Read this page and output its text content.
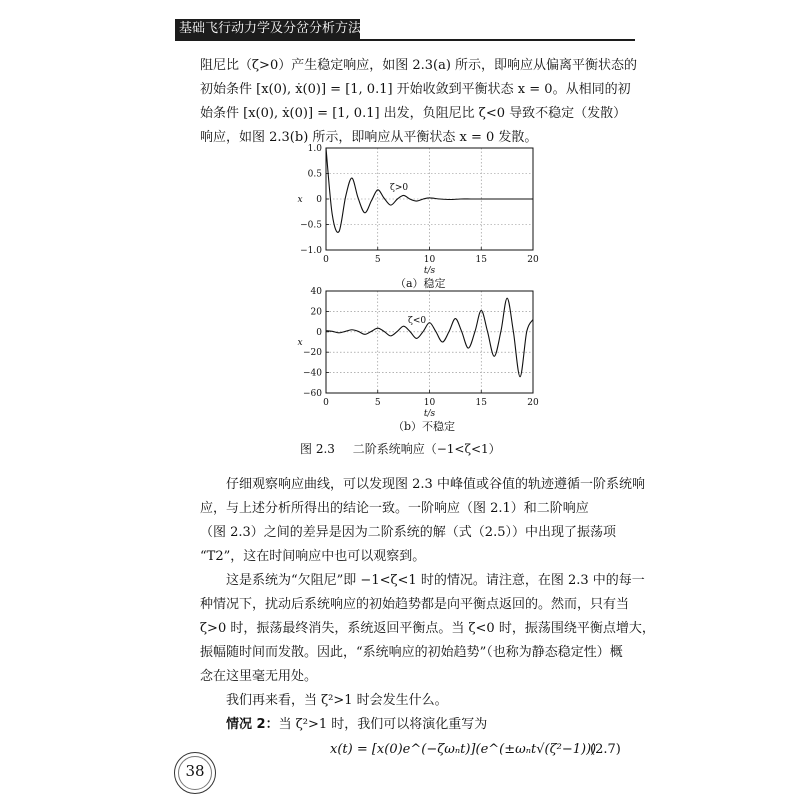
基础飞行动力学及分岔分析方法
阻尼比（ζ>0）产生稳定响应，如图 2.3(a) 所示，即响应从偏离平衡状态的
初始条件 [x(0), ẋ(0)] = [1, 0.1] 开始收敛到平衡状态 x = 0。从相同的初
始条件 [x(0), ẋ(0)] = [1, 0.1] 出发，负阻尼比 ζ<0 导致不稳定（发散）
响应，如图 2.3(b) 所示，即响应从平衡状态 x = 0 发散。
0	5	10	15	20
1.0
0.5
0
−0.5
−1.0
t/s
x
ζ>0
（a）稳定
0	5	10	15	20
40
20
0
−20
−40
−60
t/s
x
ζ<0
（b）不稳定
图 2.3 二阶系统响应（−1<ζ<1）
仔细观察响应曲线，可以发现图 2.3 中峰值或谷值的轨迹遵循一阶系统响
应，与上述分析所得出的结论一致。一阶响应（图 2.1）和二阶响应
（图 2.3）之间的差异是因为二阶系统的解（式（2.5））中出现了振荡项
“T2”，这在时间响应中也可以观察到。
这是系统为“欠阻尼”即 −1<ζ<1 时的情况。请注意，在图 2.3 中的每一
种情况下，扰动后系统响应的初始趋势都是向平衡点返回的。然而，只有当
ζ>0 时，振荡最终消失，系统返回平衡点。当 ζ<0 时，振荡围绕平衡点增大，
振幅随时间而发散。因此，“系统响应的初始趋势”（也称为静态稳定性）概
念在这里毫无用处。
我们再来看，当 ζ²>1 时会发生什么。
情况 2：当 ζ²>1 时，我们可以将演化重写为
x(t) = [x(0)e^(−ζωₙt)](e^(±ωₙt√(ζ²−1)))
(2.7)
38
